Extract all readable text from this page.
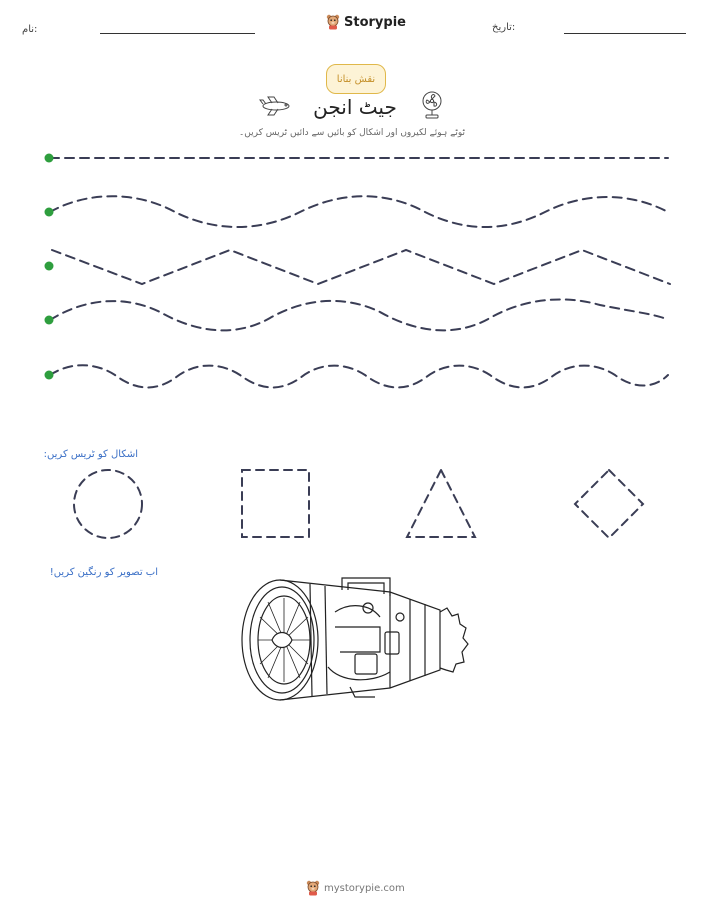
نام:	Storypie	تاریخ:
نقش بنانا
جیٹ انجن
ٹوٹے ہوئے لکیروں اور اشکال کو بائیں سے دائیں ٹریس کریں۔
اشکال کو ٹریس کریں:
اب تصویر کو رنگین کریں!
mystorypie.com
